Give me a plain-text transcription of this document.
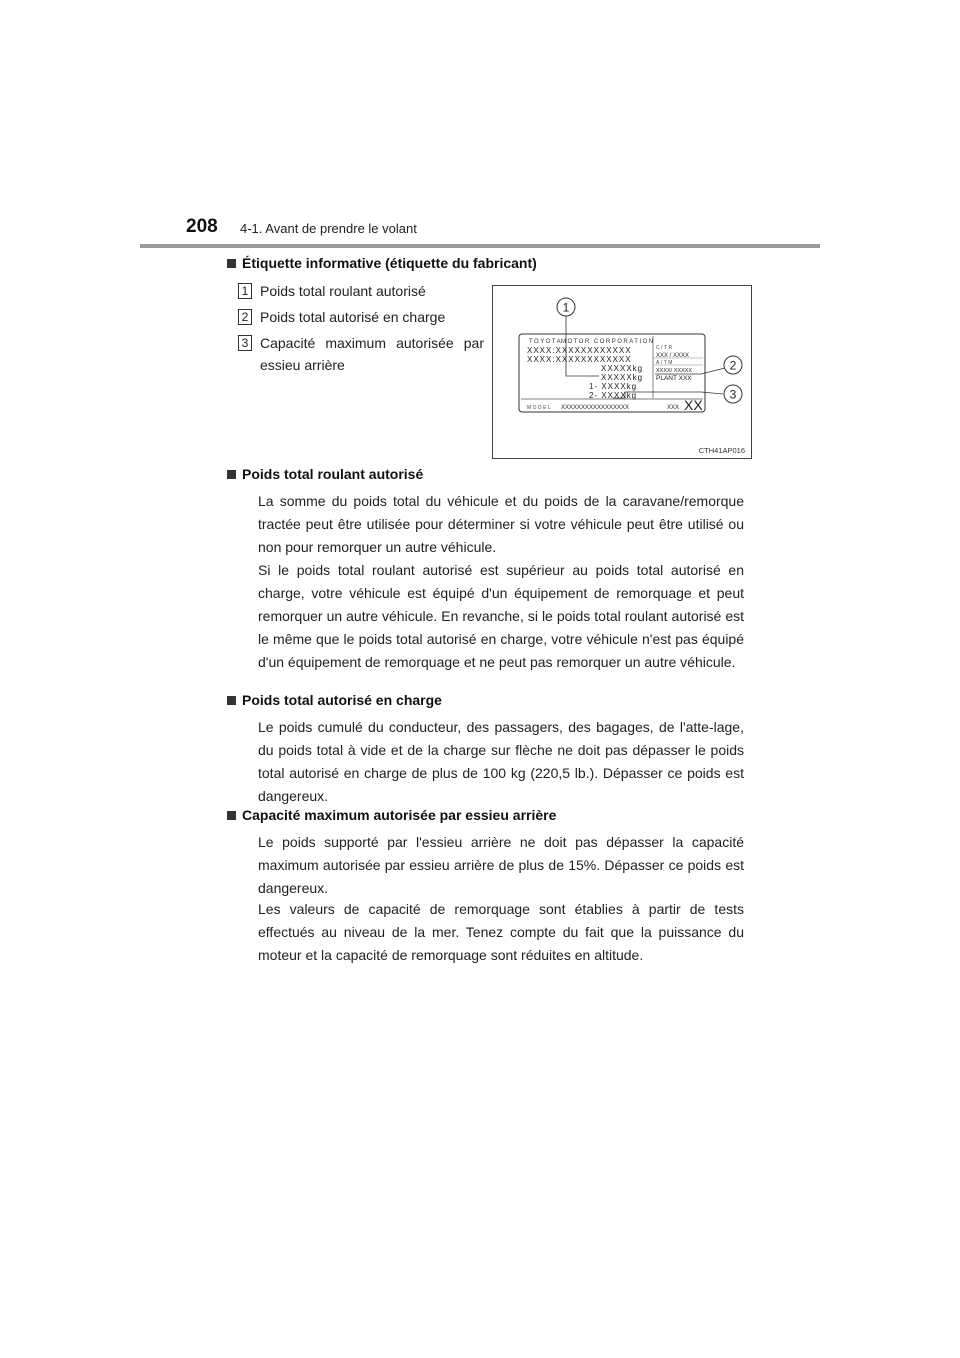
208 4-1. Avant de prendre le volant
Étiquette informative (étiquette du fabricant)
1 Poids total roulant autorisé
2 Poids total autorisé en charge
3 Capacité maximum autorisée par essieu arrière
TOYOTA
MOTOR CORPORATION
XXXX:XXXXXXXXXXXX
XXXX:XXXXXXXXXXXX
XXXXXkg
XXXXXkg
1- XXXXkg
2- XXXXkg
C/TR
XXX / XXXX
A/TM
XXXX/ XXXXX
PLANT XXX
MODEL XXXXXXXXXXXXXXXXX	XXX XX
1
2
3
CTH41AP016
Poids total roulant autorisé

La somme du poids total du véhicule et du poids de la caravane/remorque tractée peut être utilisée pour déterminer si votre véhicule peut être utilisé ou non pour remorquer un autre véhicule.

Si le poids total roulant autorisé est supérieur au poids total autorisé en charge, votre véhicule est équipé d'un équipement de remorquage et peut remorquer un autre véhicule. En revanche, si le poids total roulant autorisé est le même que le poids total autorisé en charge, votre véhicule n'est pas équipé d'un équipement de remorquage et ne peut pas remorquer un autre véhicule.

Poids total autorisé en charge

Le poids cumulé du conducteur, des passagers, des bagages, de l'atte-lage, du poids total à vide et de la charge sur flèche ne doit pas dépasser le poids total autorisé en charge de plus de 100 kg (220,5 lb.). Dépasser ce poids est dangereux.

Capacité maximum autorisée par essieu arrière

Le poids supporté par l'essieu arrière ne doit pas dépasser la capacité maximum autorisée par essieu arrière de plus de 15%. Dépasser ce poids est dangereux.

Les valeurs de capacité de remorquage sont établies à partir de tests effectués au niveau de la mer. Tenez compte du fait que la puissance du moteur et la capacité de remorquage sont réduites en altitude.
